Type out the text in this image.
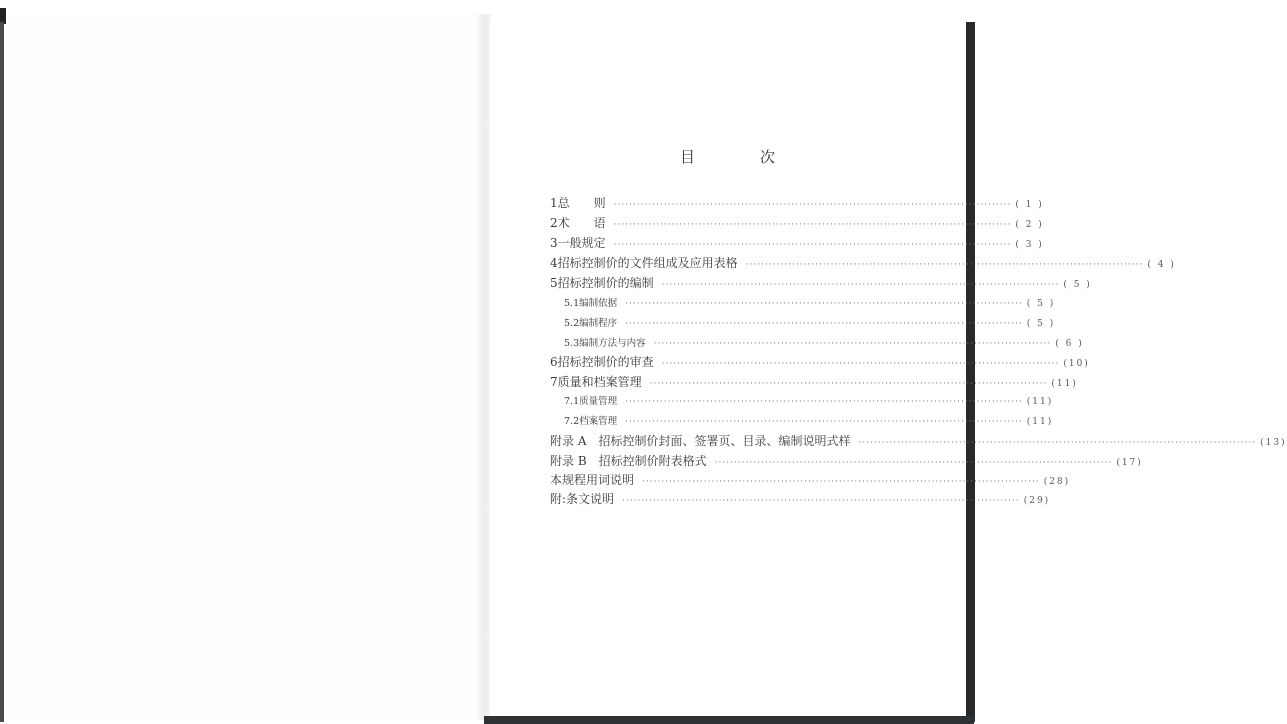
目	次
1 总　　则 ······································································································· ( 1 )
2 术　　语 ······································································································· ( 2 )
3 一般规定 ······································································································· ( 3 )
4 招标控制价的文件组成及应用表格 ······································································································· ( 4 )
5 招标控制价的编制 ······································································································· ( 5 )
5.1 编制依据 ······································································································· ( 5 )
5.2 编制程序 ······································································································· ( 5 )
5.3 编制方法与内容 ······································································································· ( 6 )
6 招标控制价的审查 ······································································································· (10)
7 质量和档案管理 ······································································································· (11)
7.1 质量管理 ······································································································· (11)
7.2 档案管理 ······································································································· (11)
附录 A　招标控制价封面、签署页、目录、编制说明式样 ······································································································· (13)
附录 B　招标控制价附表格式 ······································································································· (17)
本规程用词说明 ······································································································· (28)
附:条文说明 ······································································································· (29)
